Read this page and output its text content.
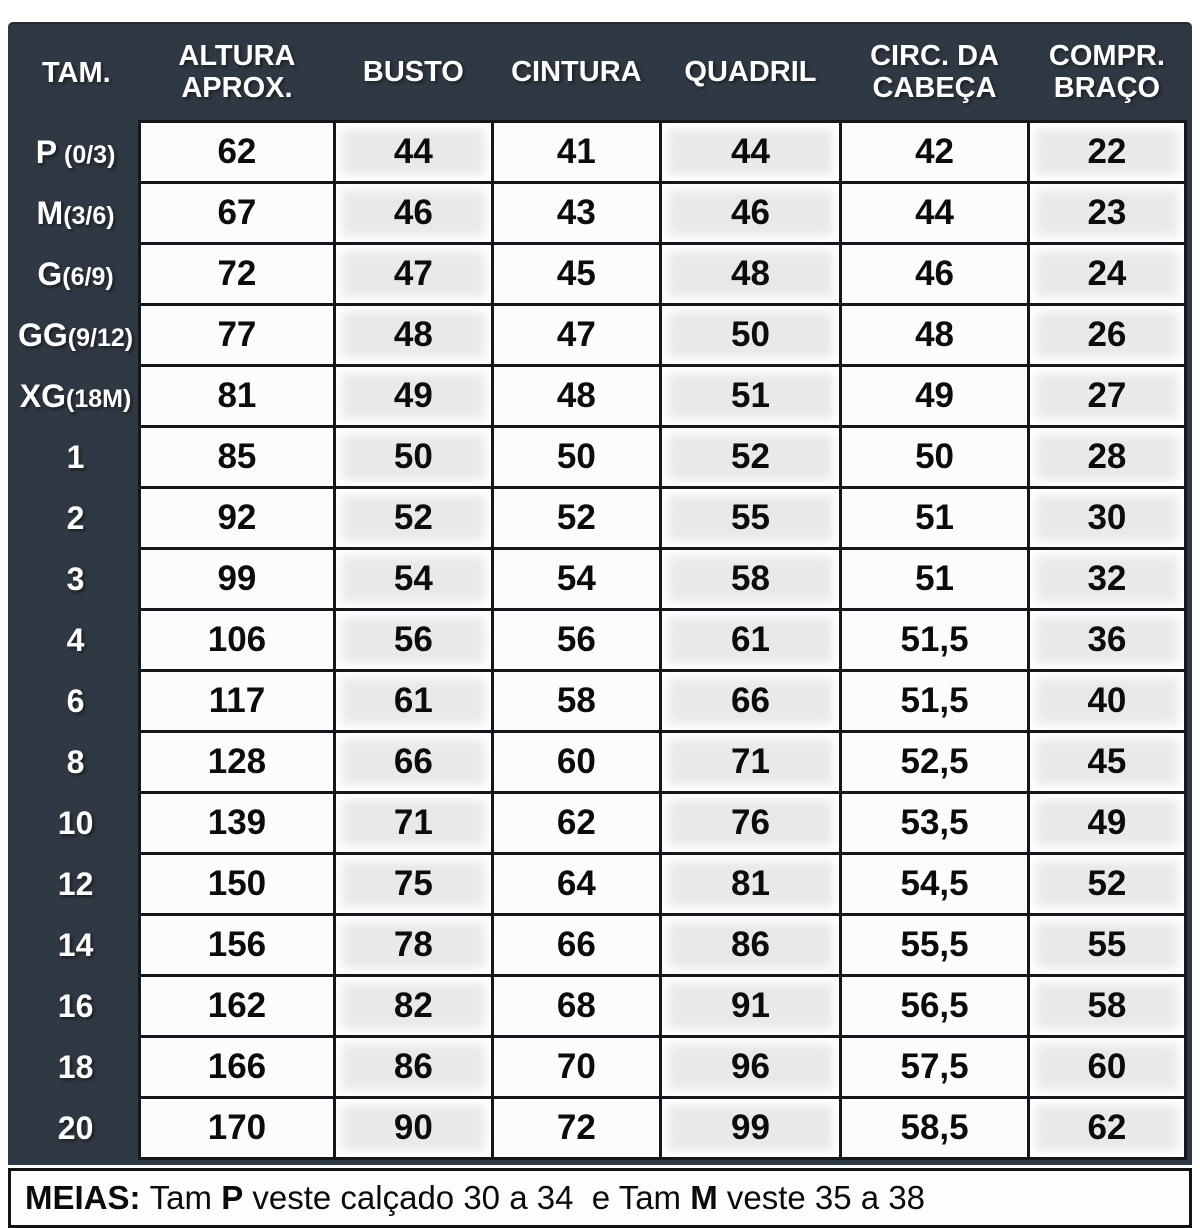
TAM.	ALTURA APROX.	BUSTO	CINTURA	QUADRIL	CIRC. DA CABEÇA	COMPR. BRAÇO
P (0/3)	62	44	41	44	42	22
M(3/6)	67	46	43	46	44	23
G(6/9)	72	47	45	48	46	24
GG(9/12)	77	48	47	50	48	26
XG(18M)	81	49	48	51	49	27
1	85	50	50	52	50	28
2	92	52	52	55	51	30
3	99	54	54	58	51	32
4	106	56	56	61	51,5	36
6	117	61	58	66	51,5	40
8	128	66	60	71	52,5	45
10	139	71	62	76	53,5	49
12	150	75	64	81	54,5	52
14	156	78	66	86	55,5	55
16	162	82	68	91	56,5	58
18	166	86	70	96	57,5	60
20	170	90	72	99	58,5	62
MEIAS: Tam P veste calçado 30 a 34  e Tam M veste 35 a 38
